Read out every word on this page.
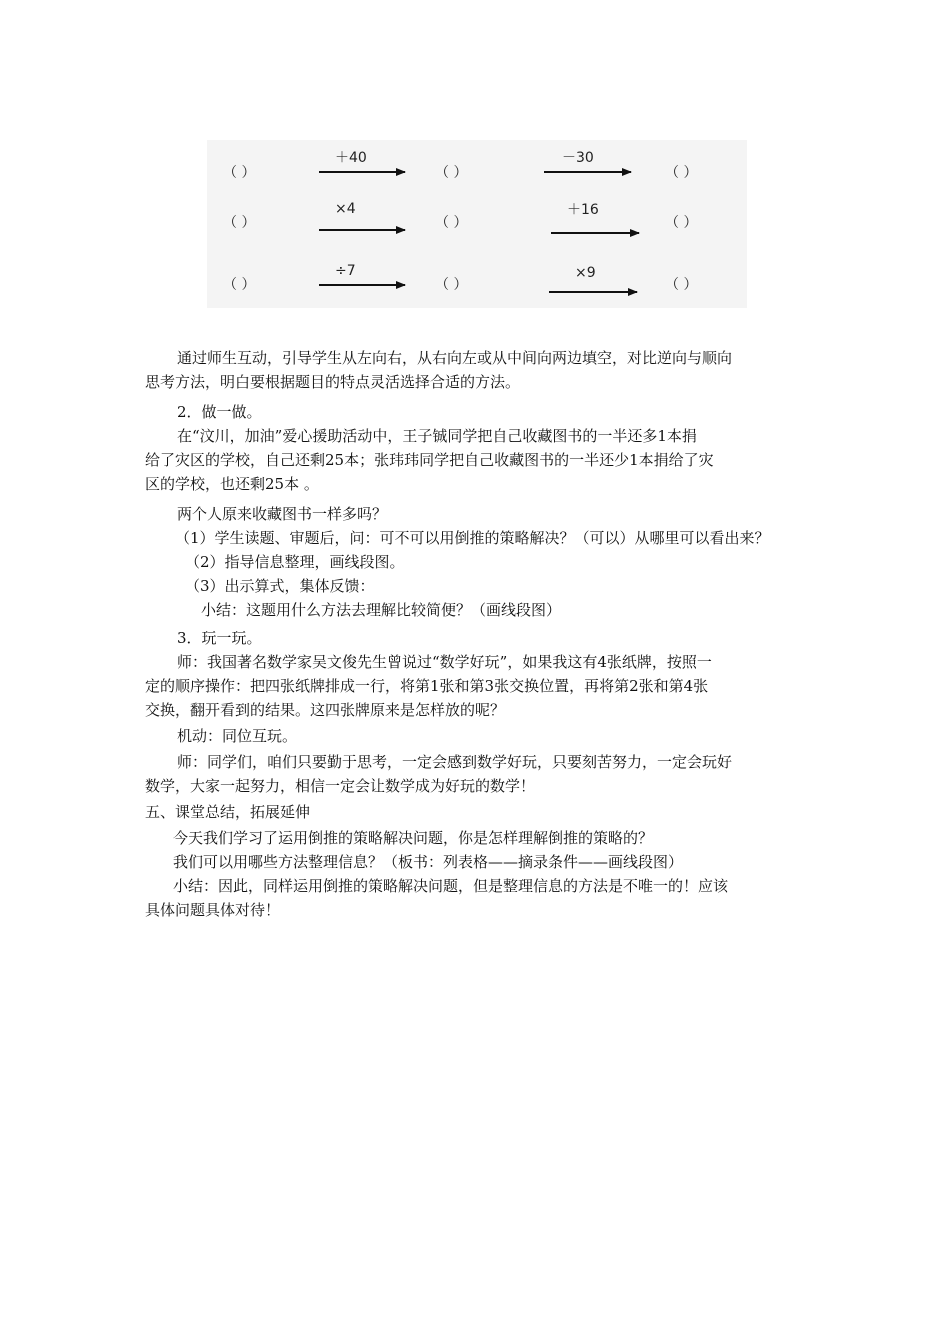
（ ）
＋40
（ ）
－30
（ ）
（ ）
×4
（ ）
＋16
（ ）
（ ）
÷7
（ ）
×9
（ ）
通过师生互动，引导学生从左向右，从右向左或从中间向两边填空，对比逆向与顺向
思考方法，明白要根据题目的特点灵活选择合适的方法。
2．做一做。
在“汶川，加油”爱心援助活动中，王子铖同学把自己收藏图书的一半还多1本捐
给了灾区的学校，自己还剩25本；张玮玮同学把自己收藏图书的一半还少1本捐给了灾
区的学校，也还剩25本 。
两个人原来收藏图书一样多吗？
（1）学生读题、审题后，问：可不可以用倒推的策略解决？（可以）从哪里可以看出来？
（2）指导信息整理，画线段图。
（3）出示算式，集体反馈：
小结：这题用什么方法去理解比较简便？（画线段图）
3．玩一玩。
师：我国著名数学家吴文俊先生曾说过“数学好玩”，如果我这有4张纸牌，按照一
定的顺序操作：把四张纸牌排成一行，将第1张和第3张交换位置，再将第2张和第4张
交换，翻开看到的结果。这四张牌原来是怎样放的呢？
机动：同位互玩。
师：同学们，咱们只要勤于思考，一定会感到数学好玩，只要刻苦努力，一定会玩好
数学，大家一起努力，相信一定会让数学成为好玩的数学！
五、课堂总结，拓展延伸
今天我们学习了运用倒推的策略解决问题，你是怎样理解倒推的策略的？
我们可以用哪些方法整理信息？（板书：列表格——摘录条件——画线段图）
小结：因此，同样运用倒推的策略解决问题，但是整理信息的方法是不唯一的！应该
具体问题具体对待！
